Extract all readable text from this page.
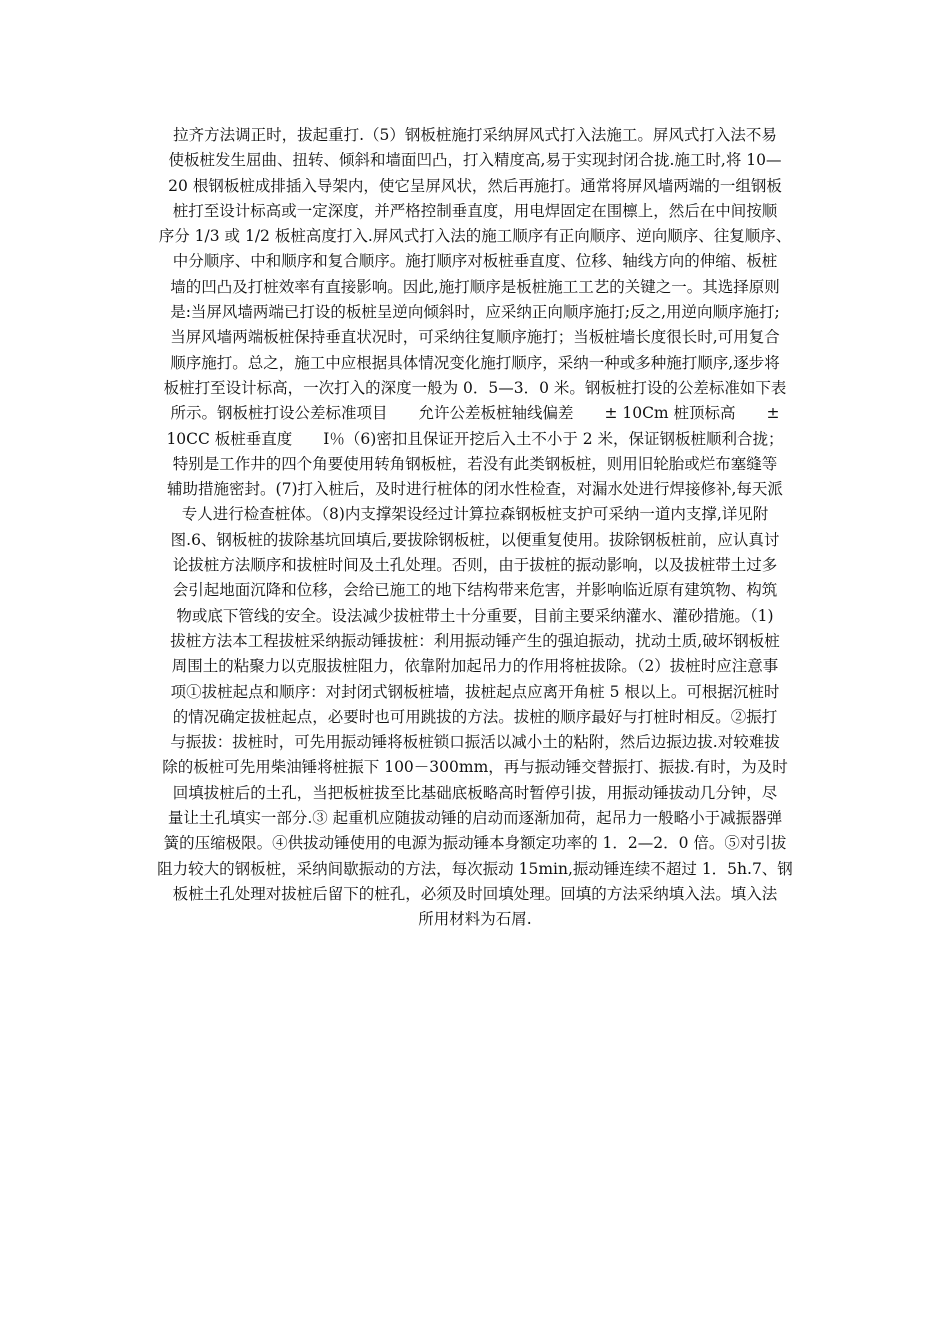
拉齐方法调正时，拔起重打.（5）钢板桩施打采纳屏风式打入法施工。屏风式打入法不易
使板桩发生屈曲、扭转、倾斜和墙面凹凸，打入精度高,易于实现封闭合拢.施工时,将 10—
20 根钢板桩成排插入导架内，使它呈屏风状，然后再施打。通常将屏风墙两端的一组钢板
桩打至设计标高或一定深度，并严格控制垂直度，用电焊固定在围檩上，然后在中间按顺
序分 1/3 或 1/2 板桩高度打入.屏风式打入法的施工顺序有正向顺序、逆向顺序、往复顺序、
中分顺序、中和顺序和复合顺序。施打顺序对板桩垂直度、位移、轴线方向的伸缩、板桩
墙的凹凸及打桩效率有直接影响。因此,施打顺序是板桩施工工艺的关键之一。其选择原则
是:当屏风墙两端已打设的板桩呈逆向倾斜时，应采纳正向顺序施打;反之,用逆向顺序施打;
当屏风墙两端板桩保持垂直状况时，可采纳往复顺序施打；当板桩墙长度很长时,可用复合
顺序施打。总之，施工中应根据具体情况变化施打顺序，采纳一种或多种施打顺序,逐步将
板桩打至设计标高，一次打入的深度一般为 0．5—3．0 米。钢板桩打设的公差标准如下表
所示。钢板桩打设公差标准项目　　允许公差板桩轴线偏差　　± 10Cm 桩顶标高　　±
10CC 板桩垂直度　　I％（6)密扣且保证开挖后入土不小于 2 米，保证钢板桩顺利合拢；
特别是工作井的四个角要使用转角钢板桩，若没有此类钢板桩，则用旧轮胎或烂布塞缝等
辅助措施密封。(7)打入桩后，及时进行桩体的闭水性检查，对漏水处进行焊接修补,每天派
专人进行检查桩体。（8)内支撑架设经过计算拉森钢板桩支护可采纳一道内支撑,详见附
图.6、钢板桩的拔除基坑回填后,要拔除钢板桩，以便重复使用。拔除钢板桩前，应认真讨
论拔桩方法顺序和拔桩时间及土孔处理。否则，由于拔桩的振动影响，以及拔桩带土过多
会引起地面沉降和位移，会给已施工的地下结构带来危害，并影响临近原有建筑物、构筑
物或底下管线的安全。设法减少拔桩带土十分重要，目前主要采纳灌水、灌砂措施。（1)
拔桩方法本工程拔桩采纳振动锤拔桩：利用振动锤产生的强迫振动，扰动土质,破坏钢板桩
周围土的粘聚力以克服拔桩阻力，依靠附加起吊力的作用将桩拔除。（2）拔桩时应注意事
项①拔桩起点和顺序：对封闭式钢板桩墙，拔桩起点应离开角桩 5 根以上。可根据沉桩时
的情况确定拔桩起点，必要时也可用跳拔的方法。拔桩的顺序最好与打桩时相反。②振打
与振拔：拔桩时，可先用振动锤将板桩锁口振活以减小土的粘附，然后边振边拔.对较难拔
除的板桩可先用柴油锤将桩振下 100－300mm，再与振动锤交替振打、振拔.有时，为及时
回填拔桩后的土孔，当把板桩拔至比基础底板略高时暂停引拔，用振动锤拔动几分钟，尽
量让土孔填实一部分.③ 起重机应随拔动锤的启动而逐渐加荷，起吊力一般略小于减振器弹
簧的压缩极限。④供拔动锤使用的电源为振动锤本身额定功率的 1．2—2．0 倍。⑤对引拔
阻力较大的钢板桩，采纳间歇振动的方法，每次振动 15min,振动锤连续不超过 1．5h.7、钢
板桩土孔处理对拔桩后留下的桩孔，必须及时回填处理。回填的方法采纳填入法。填入法
所用材料为石屑.
